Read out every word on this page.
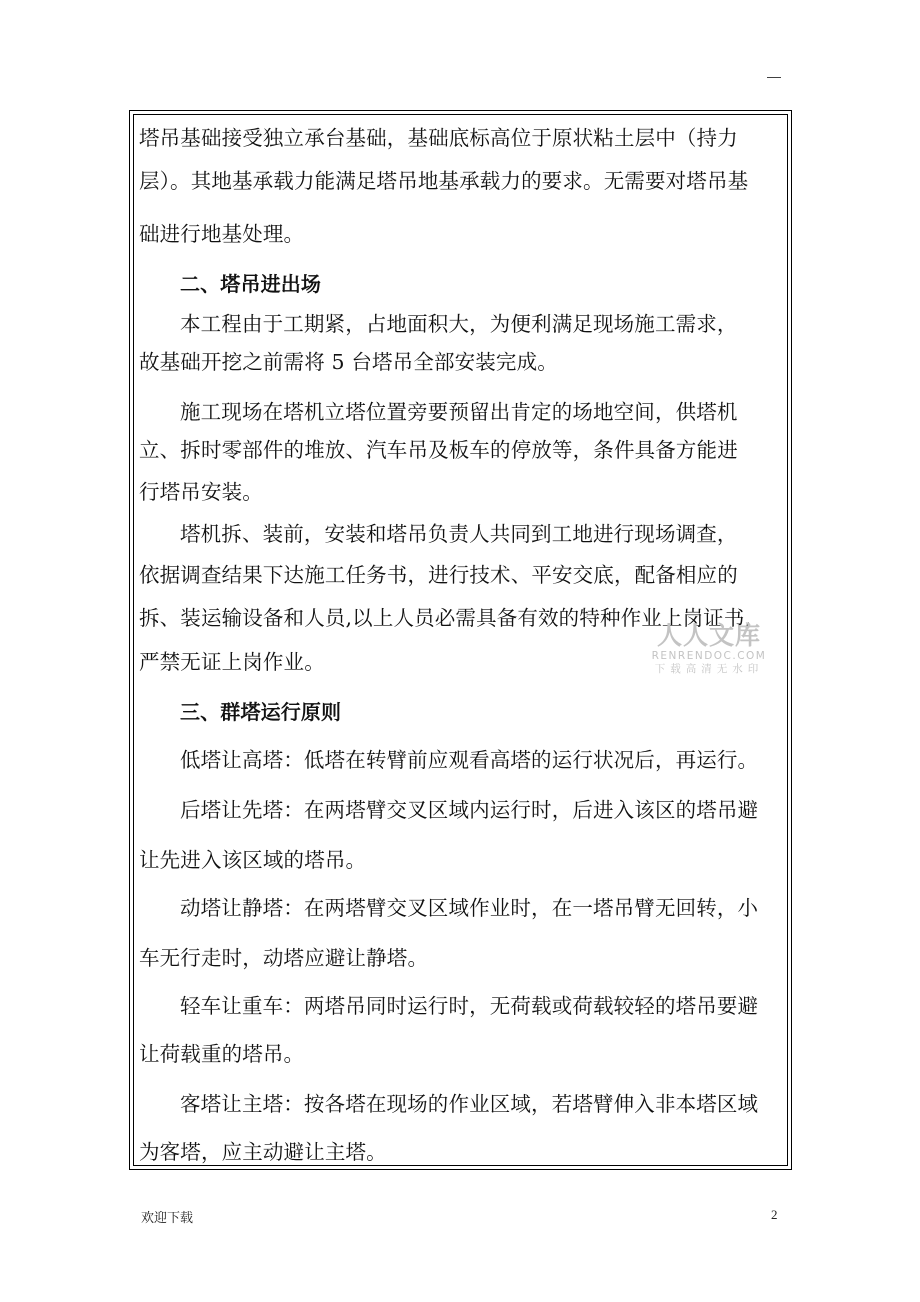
—
塔吊基础接受独立承台基础，基础底标高位于原状粘土层中（持力
层）。其地基承载力能满足塔吊地基承载力的要求。无需要对塔吊基
础进行地基处理。
二、塔吊进出场
本工程由于工期紧，占地面积大，为便利满足现场施工需求，
故基础开挖之前需将 5 台塔吊全部安装完成。
施工现场在塔机立塔位置旁要预留出肯定的场地空间，供塔机
立、拆时零部件的堆放、汽车吊及板车的停放等，条件具备方能进
行塔吊安装。
塔机拆、装前，安装和塔吊负责人共同到工地进行现场调查，
依据调查结果下达施工任务书，进行技术、平安交底，配备相应的
拆、装运输设备和人员,以上人员必需具备有效的特种作业上岗证书,
严禁无证上岗作业。
三、群塔运行原则
低塔让高塔：低塔在转臂前应观看高塔的运行状况后，再运行。
后塔让先塔：在两塔臂交叉区域内运行时，后进入该区的塔吊避
让先进入该区域的塔吊。
动塔让静塔：在两塔臂交叉区域作业时，在一塔吊臂无回转，小
车无行走时，动塔应避让静塔。
轻车让重车：两塔吊同时运行时，无荷载或荷载较轻的塔吊要避
让荷载重的塔吊。
客塔让主塔：按各塔在现场的作业区域，若塔臂伸入非本塔区域
为客塔，应主动避让主塔。
人人文库
RENRENDOC.COM
下载高清无水印
欢迎下载	2
